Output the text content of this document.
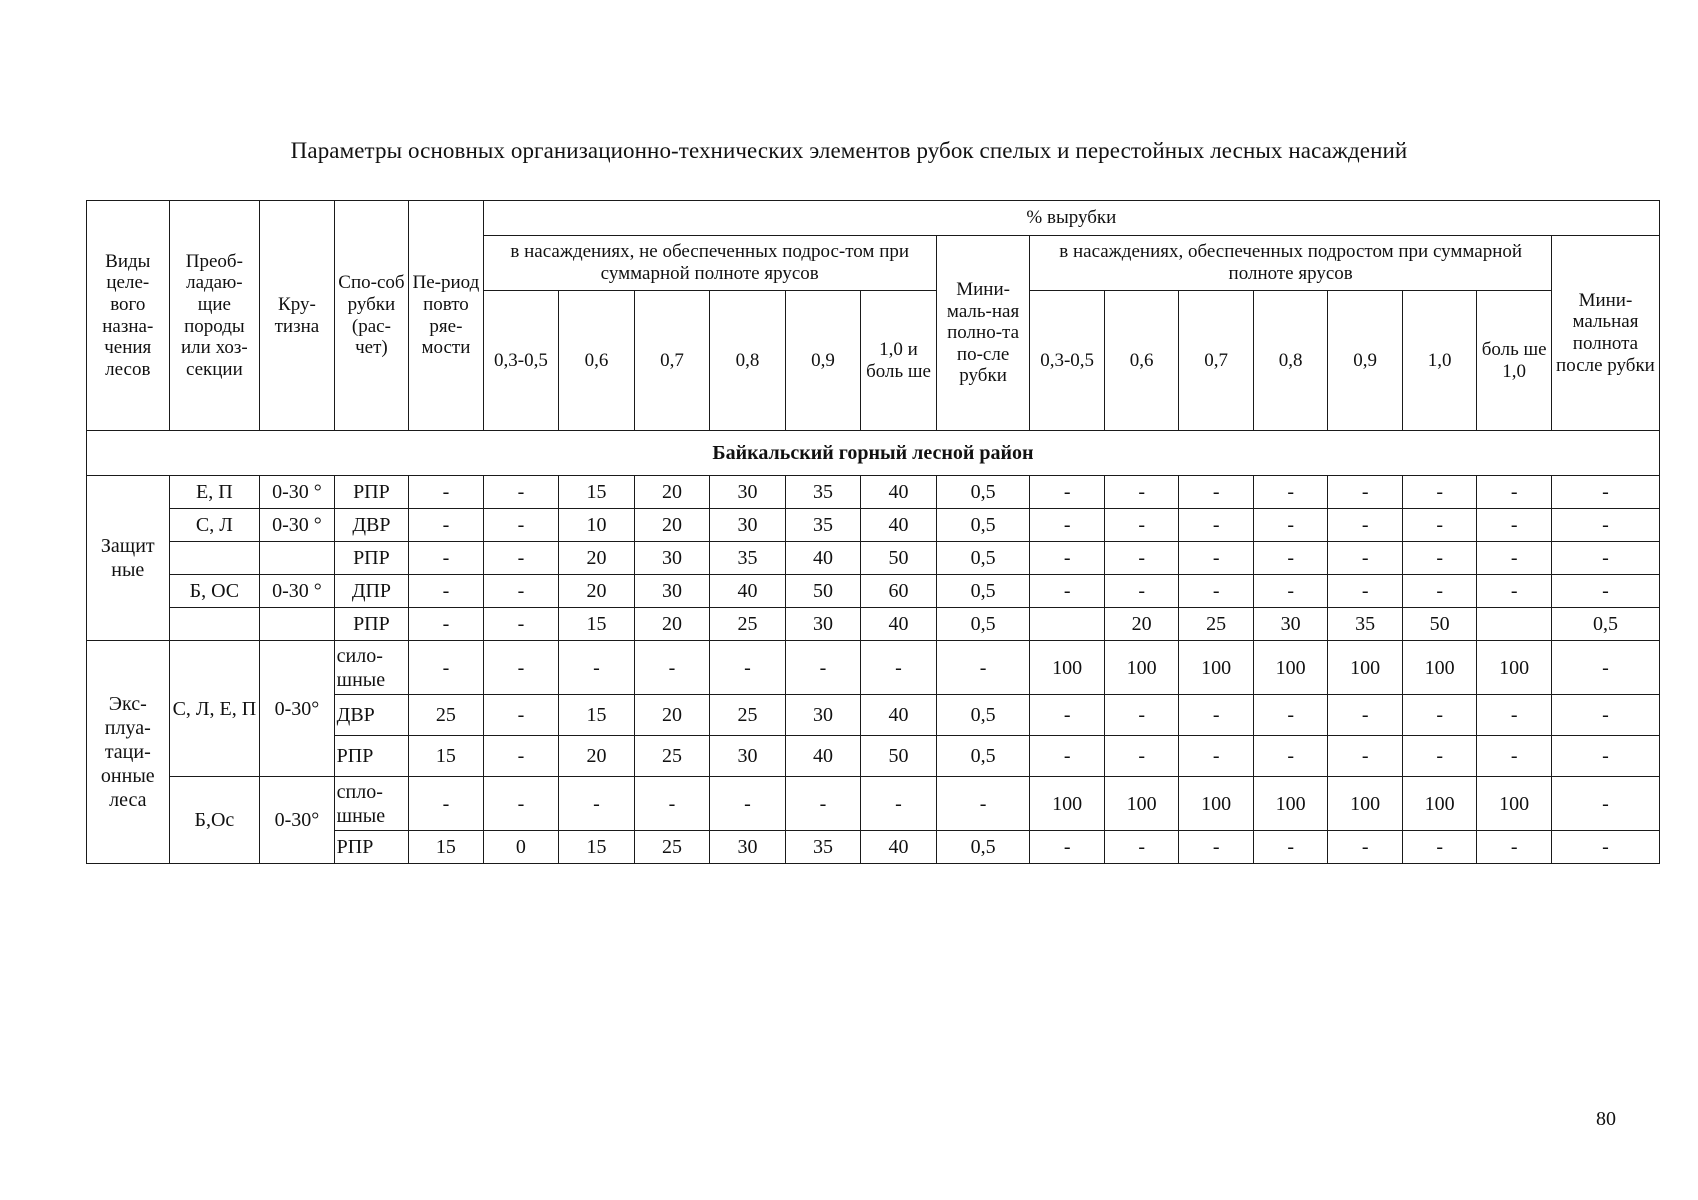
Параметры основных организационно-технических элементов рубок спелых и перестойных лесных насаждений
Виды целе-вого назна-чения лесов	Преоб-ладаю-щие породы или хоз-секции	Кру-тизна	Спо-соб рубки (рас-чет)	Пе-риод повто ряе-мости	% вырубки														
					в насаждениях, не обеспеченных подрос-том при суммарной полноте ярусов						Мини-маль-ная полно-та по-сле рубки	в насаждениях, обеспеченных подростом при суммарной полноте ярусов							Мини-мальная полнота после рубки
					0,3-0,5	0,6	0,7	0,8	0,9	1,0 и боль ше		0,3-0,5	0,6	0,7	0,8	0,9	1,0	боль ше 1,0	
Байкальский горный лесной район																			
Защит ные	Е, П	0-30 °	РПР	-	-	15	20	30	35	40	0,5	-	-	-	-	-	-	-	-
	С, Л	0-30 °	ДВР	-	-	10	20	30	35	40	0,5	-	-	-	-	-	-	-	-
			РПР	-	-	20	30	35	40	50	0,5	-	-	-	-	-	-	-	-
	Б, ОС	0-30 °	ДПР	-	-	20	30	40	50	60	0,5	-	-	-	-	-	-	-	-
			РПР	-	-	15	20	25	30	40	0,5		20	25	30	35	50		0,5
Экс-плуа-таци-онные леса	С, Л, Е, П	0-30°	сило-шные	-	-	-	-	-	-	-	-	100	100	100	100	100	100	100	-
			ДВР	25	-	15	20	25	30	40	0,5	-	-	-	-	-	-	-	-
			РПР	15	-	20	25	30	40	50	0,5	-	-	-	-	-	-	-	-
	Б,Ос	0-30°	сплo-шные	-	-	-	-	-	-	-	-	100	100	100	100	100	100	100	-
			РПР	15	0	15	25	30	35	40	0,5	-	-	-	-	-	-	-	-
80
